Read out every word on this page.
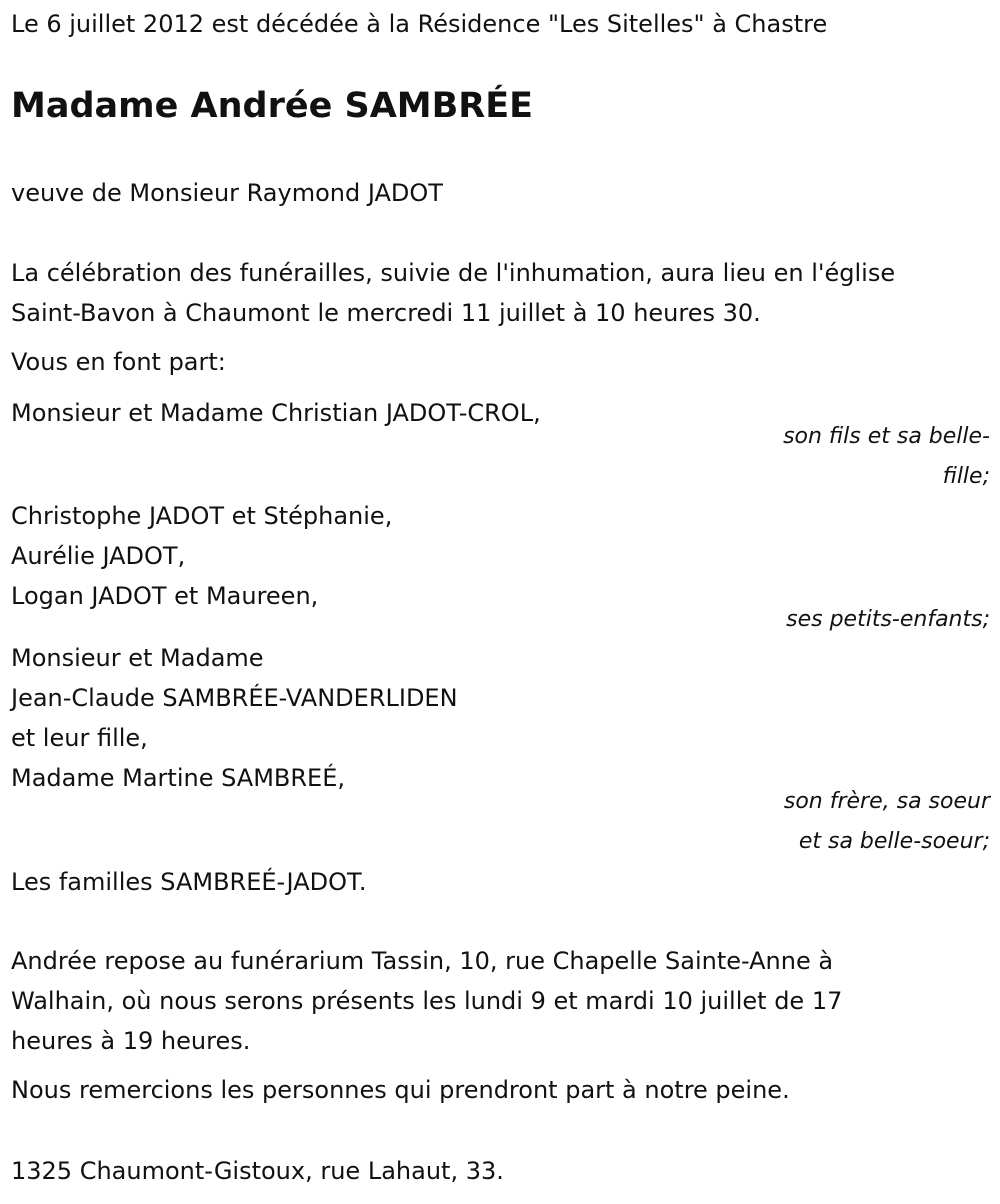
Le 6 juillet 2012 est décédée à la Résidence "Les Sitelles" à Chastre

Madame Andrée SAMBRÉE

veuve de Monsieur Raymond JADOT

La célébration des funérailles, suivie de l'inhumation, aura lieu en l'église

Saint-Bavon à Chaumont le mercredi 11 juillet à 10 heures 30.

Vous en font part:

Monsieur et Madame Christian JADOT-CROL,

son fils et sa belle-

fille;

Christophe JADOT et Stéphanie,

Aurélie JADOT,

Logan JADOT et Maureen,

ses petits-enfants;

Monsieur et Madame

Jean-Claude SAMBRÉE-VANDERLIDEN

et leur fille,

Madame Martine SAMBREÉ,

son frère, sa soeur

et sa belle-soeur;

Les familles SAMBREÉ-JADOT.

Andrée repose au funérarium Tassin, 10, rue Chapelle Sainte-Anne à

Walhain, où nous serons présents les lundi 9 et mardi 10 juillet de 17

heures à 19 heures.

Nous remercions les personnes qui prendront part à notre peine.

1325 Chaumont-Gistoux, rue Lahaut, 33.
